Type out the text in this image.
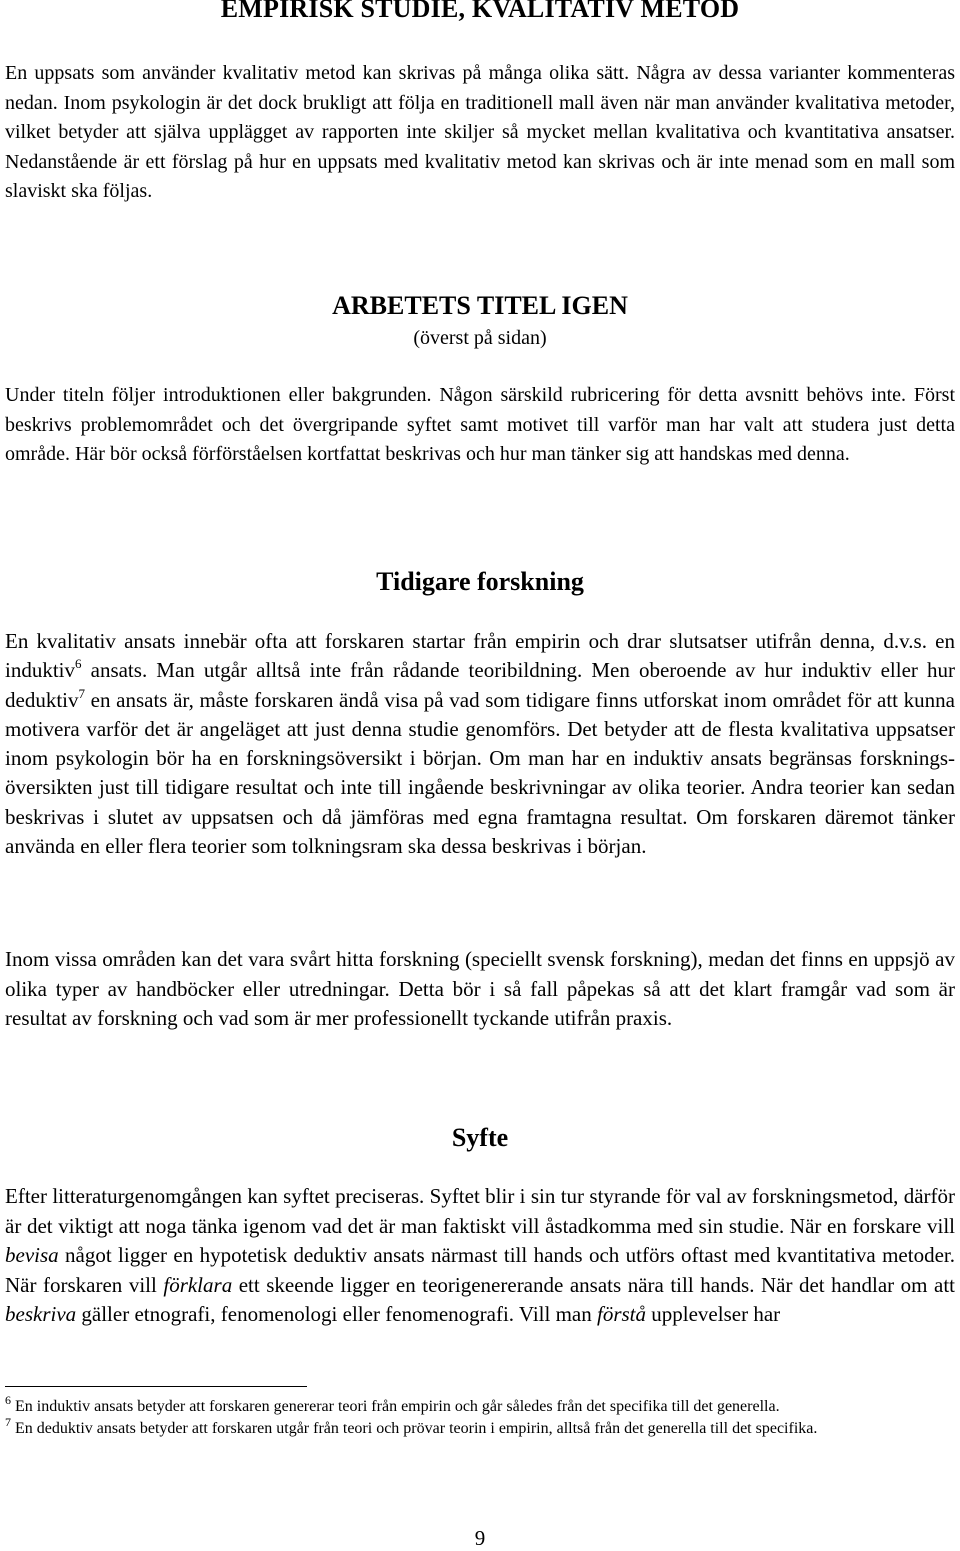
EMPIRISK STUDIE, KVALITATIV METOD

En uppsats som använder kvalitativ metod kan skrivas på många olika sätt. Några av dessa varianter kommenteras nedan. Inom psykologin är det dock brukligt att följa en traditionell mall även när man använder kvalitativa metoder, vilket betyder att själva upplägget av rapporten inte skiljer så mycket mellan kvalitativa och kvantitativa ansatser. Nedanstående är ett förslag på hur en uppsats med kvalitativ metod kan skrivas och är inte menad som en mall som slaviskt ska följas.

ARBETETS TITEL IGEN
(överst på sidan)

Under titeln följer introduktionen eller bakgrunden. Någon särskild rubricering för detta avsnitt behövs inte. Först beskrivs problemområdet och det övergripande syftet samt motivet till varför man har valt att studera just detta område. Här bör också förförståelsen kortfattat beskrivas och hur man tänker sig att handskas med denna.

Tidigare forskning

En kvalitativ ansats innebär ofta att forskaren startar från empirin och drar slutsatser utifrån denna, d.v.s. en induktiv$^6$ ansats. Man utgår alltså inte från rådande teoribildning. Men oberoende av hur induktiv eller hur deduktiv$^7$ en ansats är, måste forskaren ändå visa på vad som tidigare finns utforskat inom området för att kunna motivera varför det är angeläget att just denna studie genomförs. Det betyder att de flesta kvalitativa uppsatser inom psykologin bör ha en forskningsöversikt i början. Om man har en induktiv ansats begränsas forskningsöversikten just till tidigare resultat och inte till ingående beskrivningar av olika teorier. Andra teorier kan sedan beskrivas i slutet av uppsatsen och då jämföras med egna framtagna resultat. Om forskaren däremot tänker använda en eller flera teorier som tolkningsram ska dessa beskrivas i början.

Inom vissa områden kan det vara svårt hitta forskning (speciellt svensk forskning), medan det finns en uppsjö av olika typer av handböcker eller utredningar. Detta bör i så fall påpekas så att det klart framgår vad som är resultat av forskning och vad som är mer professionellt tyckande utifrån praxis.

Syfte

Efter litteraturgenomgången kan syftet preciseras. Syftet blir i sin tur styrande för val av forskningsmetod, därför är det viktigt att noga tänka igenom vad det är man faktiskt vill åstadkomma med sin studie. När en forskare vill bevisa något ligger en hypotetisk deduktiv ansats närmast till hands och utförs oftast med kvantitativa metoder. När forskaren vill förklara ett skeende ligger en teorigenererande ansats nära till hands. När det handlar om att beskriva gäller etnografi, fenomenologi eller fenomenografi. Vill man förstå upplevelser har

$^6$ En induktiv ansats betyder att forskaren genererar teori från empirin och går således från det specifika till det generella.

$^7$ En deduktiv ansats betyder att forskaren utgår från teori och prövar teorin i empirin, alltså från det generella till det specifika.

9
